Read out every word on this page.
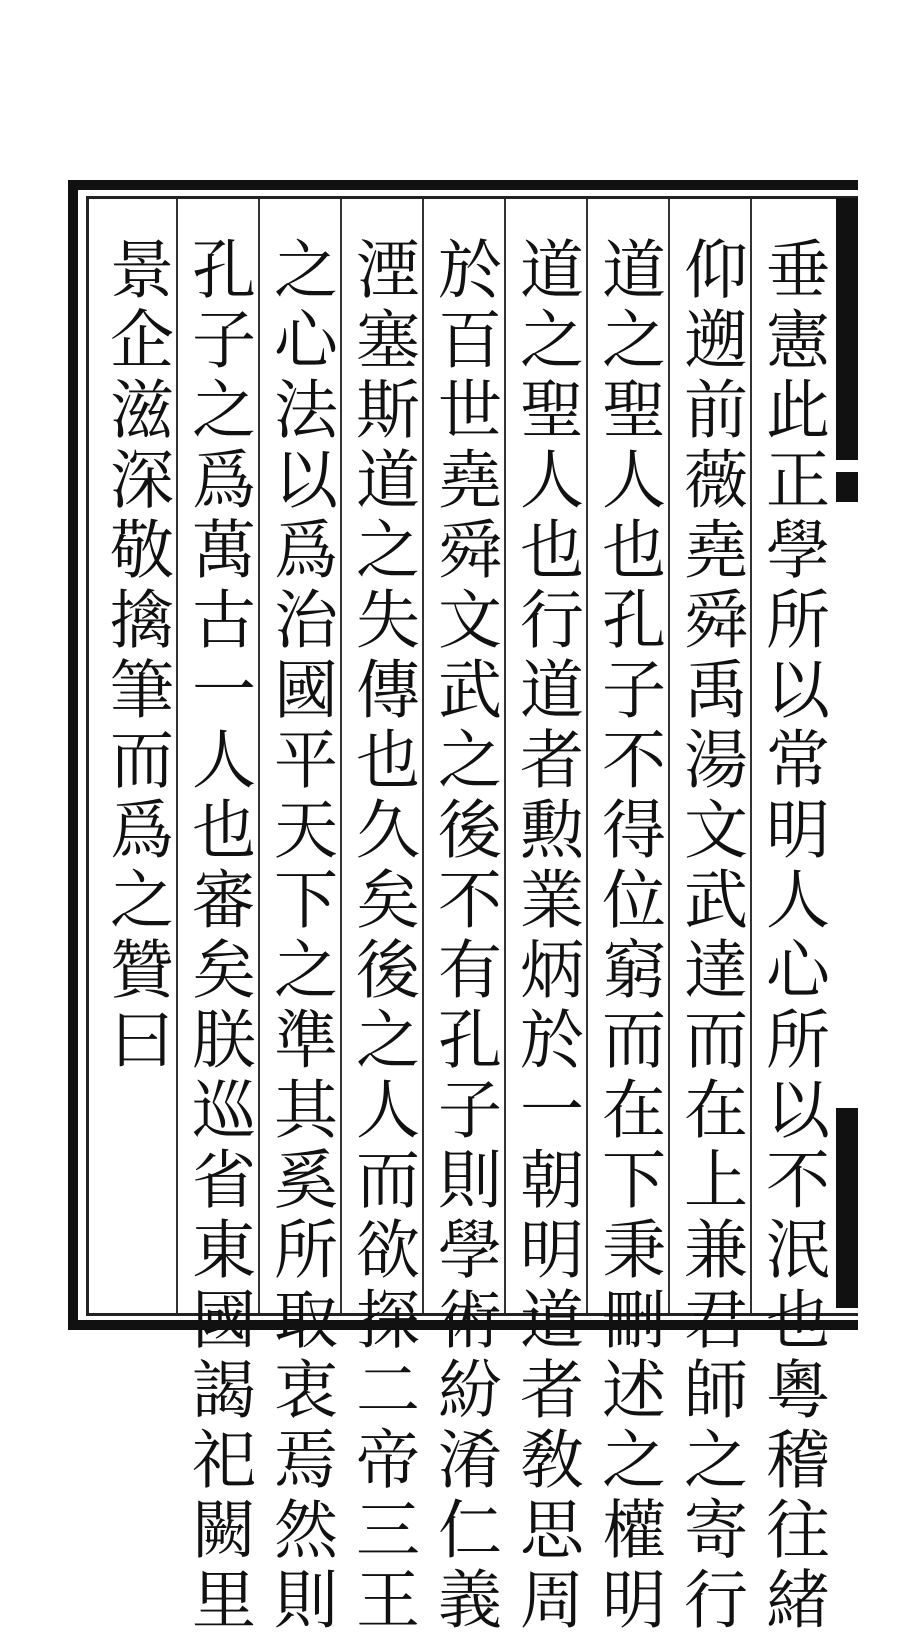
垂憲此正學所以常明人心所以不泯也粵稽往緒
仰遡前薇堯舜禹湯文武達而在上兼君師之寄行
道之聖人也孔子不得位窮而在下秉刪述之權明
道之聖人也行道者勲業炳於一朝明道者敎思周
於百世堯舜文武之後不有孔子則學術紛淆仁義
湮塞斯道之失傳也久矣後之人而欲探二帝三王
之心法以爲治國平天下之準其奚所取衷焉然則
孔子之爲萬古一人也審矣朕巡省東國謁祀闕里
景企滋深敬擒筆而爲之贊曰
